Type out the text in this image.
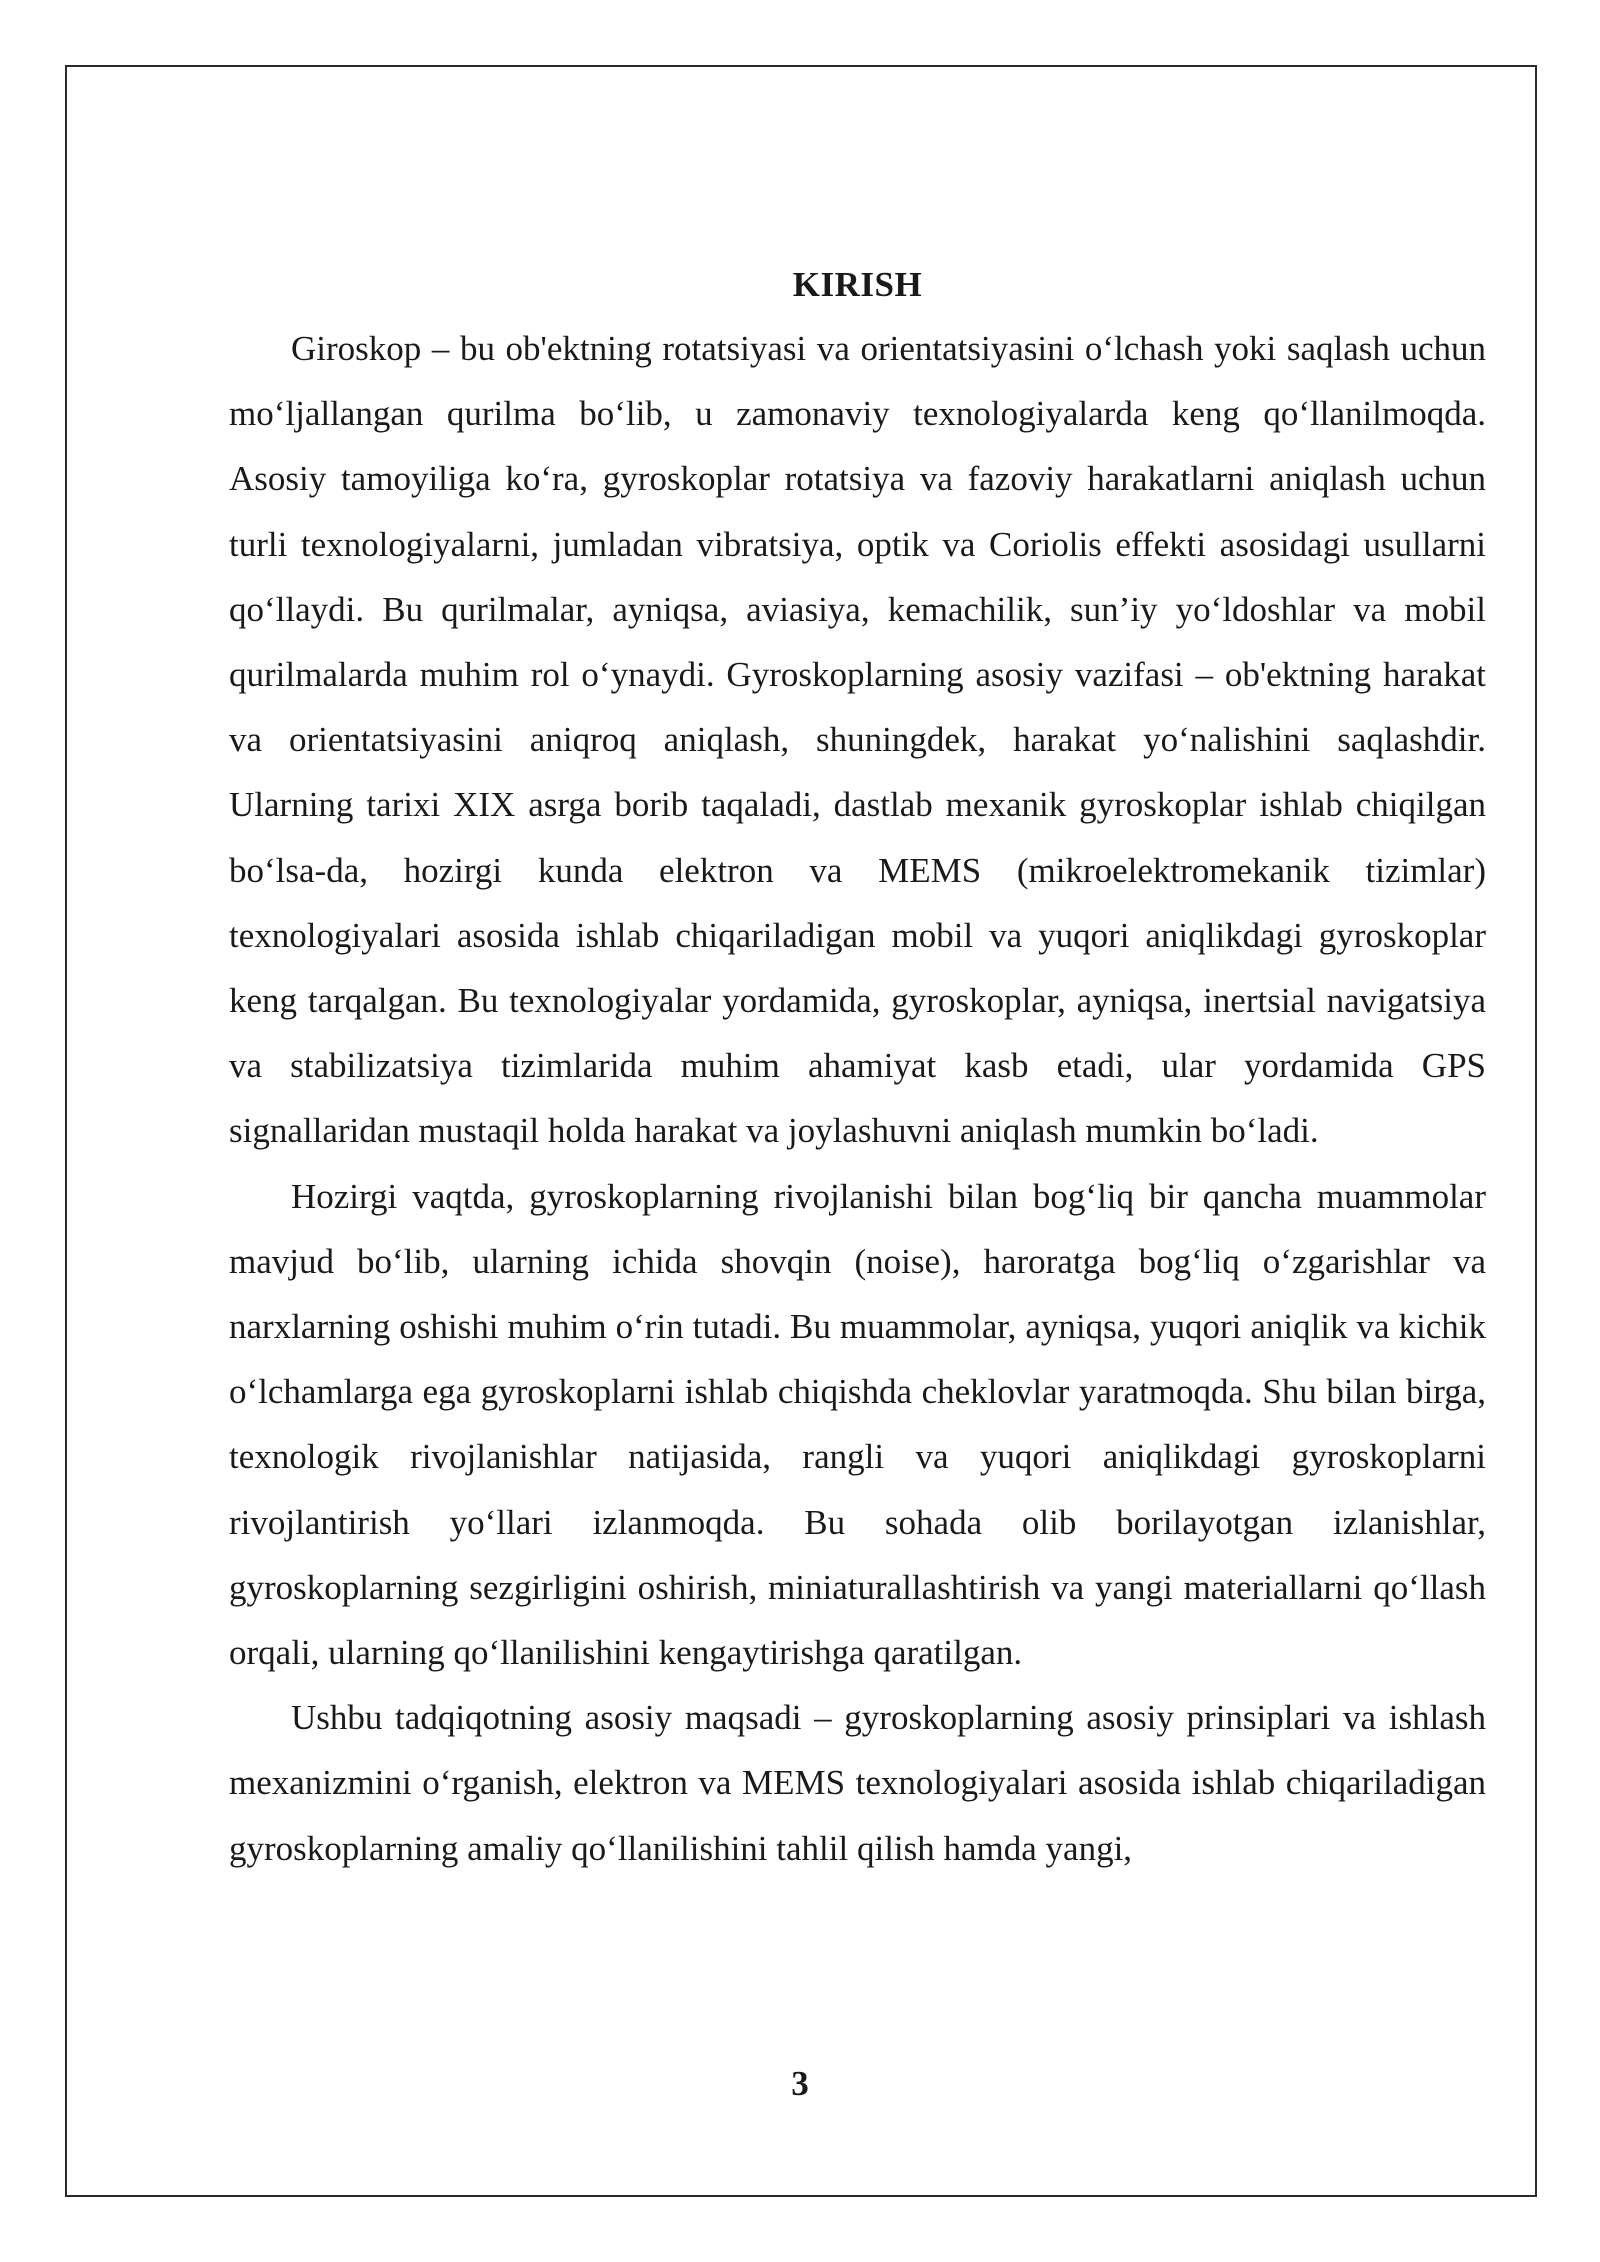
KIRISH

Giroskop – bu ob'ektning rotatsiyasi va orientatsiyasini o‘lchash yoki saqlash uchun mo‘ljallangan qurilma bo‘lib, u zamonaviy texnologiyalarda keng qo‘llanilmoqda. Asosiy tamoyiliga ko‘ra, gyroskoplar rotatsiya va fazoviy harakatlarni aniqlash uchun turli texnologiyalarni, jumladan vibratsiya, optik va Coriolis effekti asosidagi usullarni qo‘llaydi. Bu qurilmalar, ayniqsa, aviasiya, kemachilik, sun’iy yo‘ldoshlar va mobil qurilmalarda muhim rol o‘ynaydi. Gyroskoplarning asosiy vazifasi – ob'ektning harakat va orientatsiyasini aniqroq aniqlash, shuningdek, harakat yo‘nalishini saqlashdir. Ularning tarixi XIX asrga borib taqaladi, dastlab mexanik gyroskoplar ishlab chiqilgan bo‘lsa-da, hozirgi kunda elektron va MEMS (mikroelektromekanik tizimlar) texnologiyalari asosida ishlab chiqariladigan mobil va yuqori aniqlikdagi gyroskoplar keng tarqalgan. Bu texnologiyalar yordamida, gyroskoplar, ayniqsa, inertsial navigatsiya va stabilizatsiya tizimlarida muhim ahamiyat kasb etadi, ular yordamida GPS signallaridan mustaqil holda harakat va joylashuvni aniqlash mumkin bo‘ladi.

Hozirgi vaqtda, gyroskoplarning rivojlanishi bilan bog‘liq bir qancha muammolar mavjud bo‘lib, ularning ichida shovqin (noise), haroratga bog‘liq o‘zgarishlar va narxlarning oshishi muhim o‘rin tutadi. Bu muammolar, ayniqsa, yuqori aniqlik va kichik o‘lchamlarga ega gyroskoplarni ishlab chiqishda cheklovlar yaratmoqda. Shu bilan birga, texnologik rivojlanishlar natijasida, rangli va yuqori aniqlikdagi gyroskoplarni rivojlantirish yo‘llari izlanmoqda. Bu sohada olib borilayotgan izlanishlar, gyroskoplarning sezgirligini oshirish, miniaturallashtirish va yangi materiallarni qo‘llash orqali, ularning qo‘llanilishini kengaytirishga qaratilgan.

Ushbu tadqiqotning asosiy maqsadi – gyroskoplarning asosiy prinsiplari va ishlash mexanizmini o‘rganish, elektron va MEMS texnologiyalari asosida ishlab chiqariladigan gyroskoplarning amaliy qo‘llanilishini tahlil qilish hamda yangi,

3
